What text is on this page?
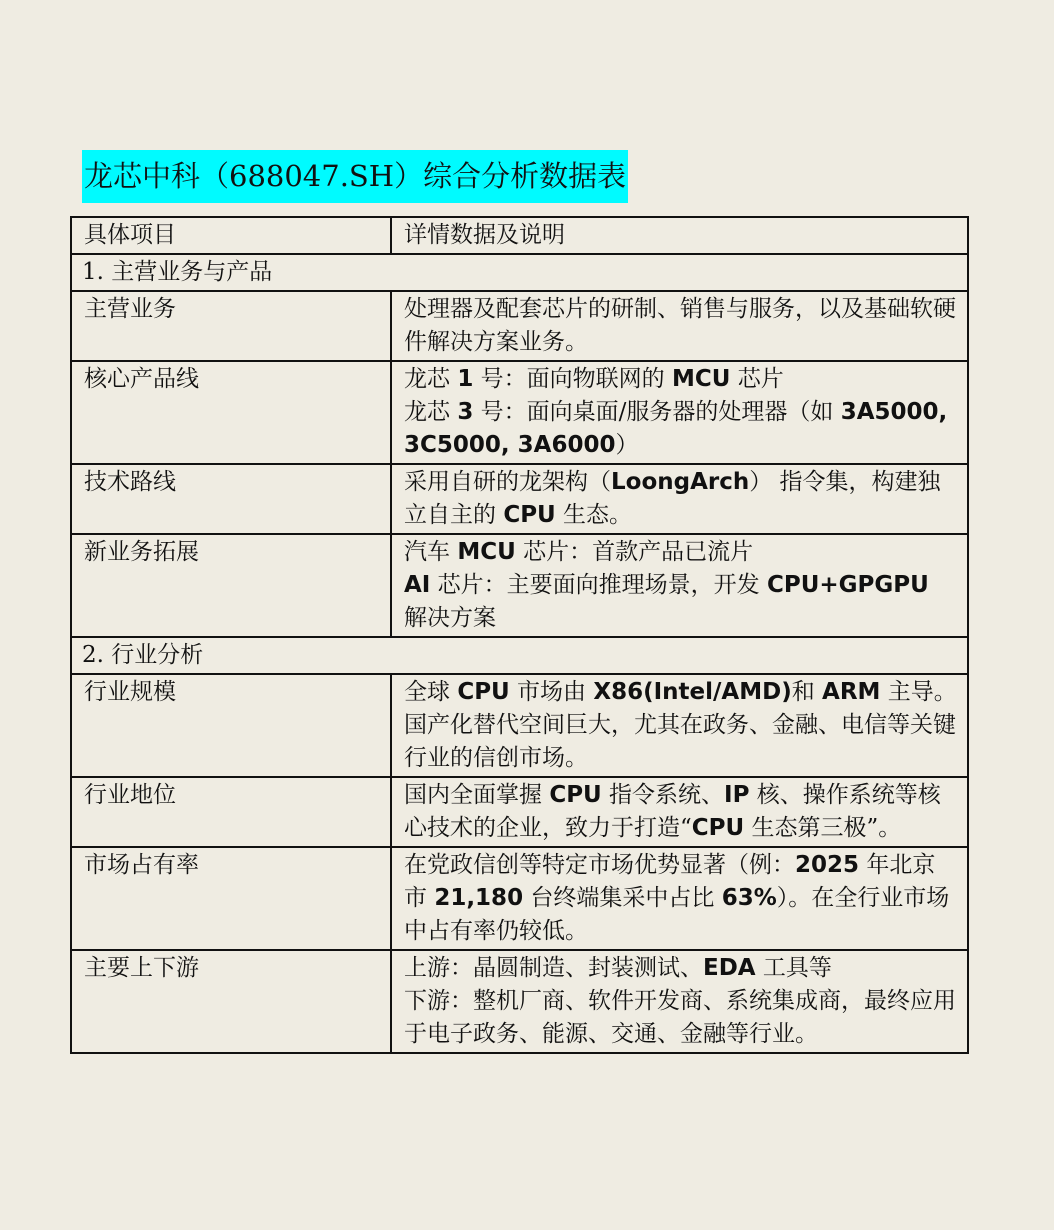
龙芯中科（688047.SH）综合分析数据表
具体项目	详情数据及说明
1. 主营业务与产品	
主营业务	处理器及配套芯片的研制、销售与服务，以及基础软硬件解决方案业务。

核心产品线	龙芯 1 号：面向物联网的 MCU 芯片
龙芯 3 号：面向桌面/服务器的处理器（如 3A5000, 3C5000, 3A6000）

技术路线	采用自研的龙架构（LoongArch） 指令集，构建独立自主的 CPU 生态。

新业务拓展	汽车 MCU 芯片：首款产品已流片
AI 芯片：主要面向推理场景，开发 CPU+GPGPU 解决方案

2. 行业分析	
行业规模	全球 CPU 市场由 X86(Intel/AMD)和 ARM 主导。国产化替代空间巨大，尤其在政务、金融、电信等关键行业的信创市场。

行业地位	国内全面掌握 CPU 指令系统、IP 核、操作系统等核心技术的企业，致力于打造“CPU 生态第三极”。

市场占有率	在党政信创等特定市场优势显著（例：2025 年北京市 21,180 台终端集采中占比 63%）。在全行业市场中占有率仍较低。

主要上下游	上游：晶圆制造、封装测试、EDA 工具等
下游：整机厂商、软件开发商、系统集成商，最终应用于电子政务、能源、交通、金融等行业。
